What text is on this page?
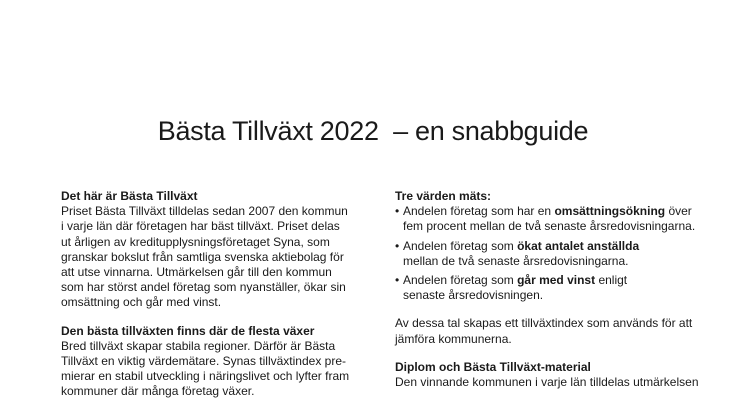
Bästa Tillväxt 2022  – en snabbguide
Det här är Bästa Tillväxt
Priset Bästa Tillväxt tilldelas sedan 2007 den kommun
i varje län där företagen har bäst tillväxt. Priset delas
ut årligen av kreditupplysningsföretaget Syna, som
granskar bokslut från samtliga svenska aktiebolag för
att utse vinnarna. Utmärkelsen går till den kommun
som har störst andel företag som nyanställer, ökar sin
omsättning och går med vinst.
Den bästa tillväxten finns där de flesta växer
Bred tillväxt skapar stabila regioner. Därför är Bästa
Tillväxt en viktig värdemätare. Synas tillväxtindex pre-
mierar en stabil utveckling i näringslivet och lyfter fram
kommuner där många företag växer.
Tre värden mäts:
• Andelen företag som har en omsättningsökning över
fem procent mellan de två senaste årsredovisningarna.
• Andelen företag som ökat antalet anställda
mellan de två senaste årsredovisningarna.
• Andelen företag som går med vinst enligt
senaste årsredovisningen.
Av dessa tal skapas ett tillväxtindex som används för att
jämföra kommunerna.
Diplom och Bästa Tillväxt-material
Den vinnande kommunen i varje län tilldelas utmärkelsen
